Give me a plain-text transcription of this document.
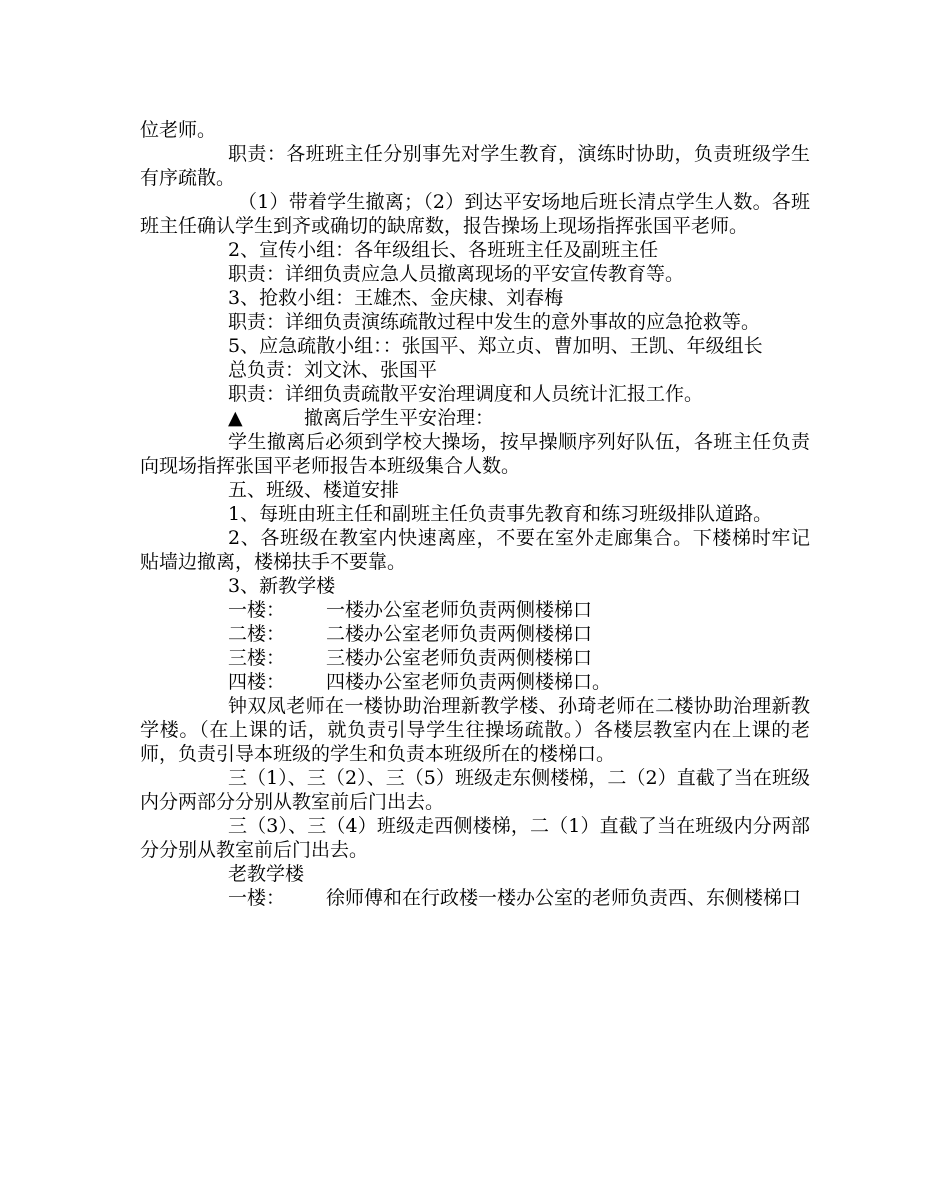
位老师。

职责：各班班主任分别事先对学生教育，演练时协助，负责班级学生有序疏散。

（1）带着学生撤离；（2）到达平安场地后班长清点学生人数。各班班主任确认学生到齐或确切的缺席数，报告操场上现场指挥张国平老师。

2、宣传小组：各年级组长、各班班主任及副班主任

职责：详细负责应急人员撤离现场的平安宣传教育等。

3、抢救小组：王雄杰、金庆棣、刘春梅

职责：详细负责演练疏散过程中发生的意外事故的应急抢救等。

5、应急疏散小组：：张国平、郑立贞、曹加明、王凯、年级组长

总负责：刘文沐、张国平

职责：详细负责疏散平安治理调度和人员统计汇报工作。

▲	撤离后学生平安治理：

学生撤离后必须到学校大操场，按早操顺序列好队伍，各班主任负责向现场指挥张国平老师报告本班级集合人数。

五、班级、楼道安排

1、每班由班主任和副班主任负责事先教育和练习班级排队道路。

2、各班级在教室内快速离座，不要在室外走廊集合。下楼梯时牢记贴墙边撤离，楼梯扶手不要靠。

3、新教学楼

一楼：	一楼办公室老师负责两侧楼梯口
二楼：	二楼办公室老师负责两侧楼梯口
三楼：	三楼办公室老师负责两侧楼梯口
四楼：	四楼办公室老师负责两侧楼梯口。

钟双凤老师在一楼协助治理新教学楼、孙琦老师在二楼协助治理新教学楼。（在上课的话，就负责引导学生往操场疏散。）各楼层教室内在上课的老师，负责引导本班级的学生和负责本班级所在的楼梯口。

三（1）、三（2）、三（5）班级走东侧楼梯，二（2）直截了当在班级内分两部分分别从教室前后门出去。

三（3）、三（4）班级走西侧楼梯，二（1）直截了当在班级内分两部分分别从教室前后门出去。

老教学楼

一楼： 徐师傅和在行政楼一楼办公室的老师负责西、东侧楼梯口
